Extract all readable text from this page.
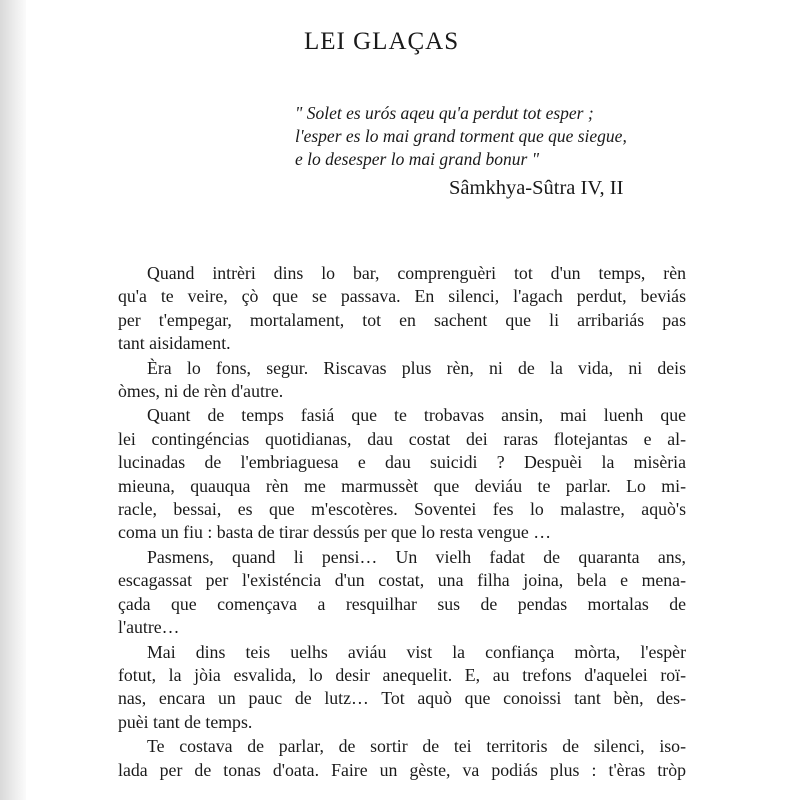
LEI GLAÇAS
" Solet es urós aqeu qu'a perdut tot esper ;
l'esper es lo mai grand torment que que siegue,
e lo desesper lo mai grand bonur "
Sâmkhya-Sûtra IV, II
Quand intrèri dins lo bar, comprenguèri tot d'un temps, rèn
qu'a te veire, çò que se passava. En silenci, l'agach perdut, beviás
per t'empegar, mortalament, tot en sachent que li arribariás pas
tant aisidament.
Èra lo fons, segur. Riscavas plus rèn, ni de la vida, ni deis
òmes, ni de rèn d'autre.
Quant de temps fasiá que te trobavas ansin, mai luenh que
lei contingéncias quotidianas, dau costat dei raras flotejantas e al-
lucinadas de l'embriaguesa e dau suicidi ? Despuèi la misèria
mieuna, quauqua rèn me marmussèt que deviáu te parlar. Lo mi-
racle, bessai, es que m'escotères. Soventei fes lo malastre, aquò's
coma un fiu : basta de tirar dessús per que lo resta vengue …
Pasmens, quand li pensi… Un vielh fadat de quaranta ans,
escagassat per l'existéncia d'un costat, una filha joina, bela e mena-
çada que començava a resquilhar sus de pendas mortalas de
l'autre…
Mai dins teis uelhs aviáu vist la confiança mòrta, l'espèr
fotut, la jòia esvalida, lo desir anequelit. E, au trefons d'aquelei roï-
nas, encara un pauc de lutz… Tot aquò que conoissi tant bèn, des-
puèi tant de temps.
Te costava de parlar, de sortir de tei territoris de silenci, iso-
lada per de tonas d'oata. Faire un gèste, va podiás plus : t'èras tròp
